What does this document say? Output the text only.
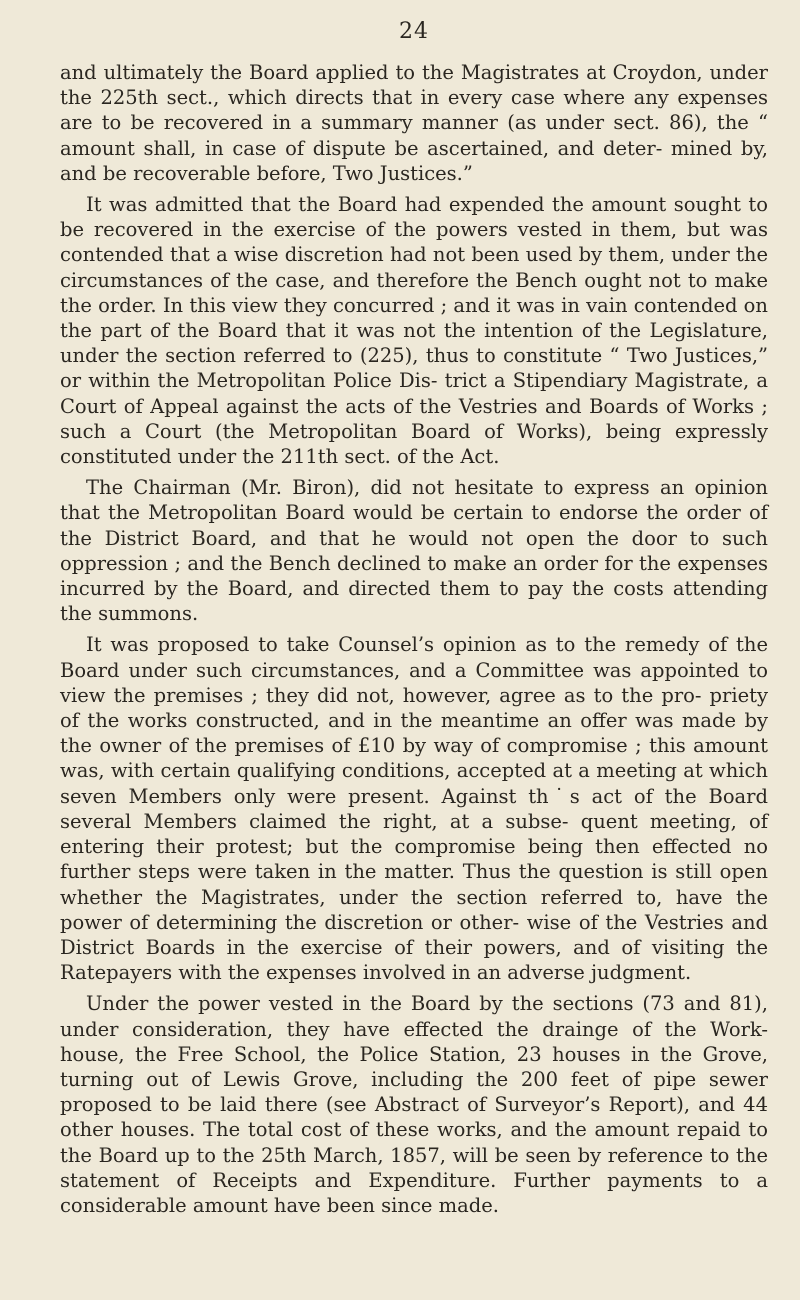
24

and ultimately the Board applied to the Magistrates at Croydon, under the 225th sect., which directs that in every case where any expenses are to be recovered in a summary manner (as under sect. 86), the “ amount shall, in case of dispute be ascertained, and deter- mined by, and be recoverable before, Two Justices.”

It was admitted that the Board had expended the amount sought to be recovered in the exercise of the powers vested in them, but was contended that a wise discretion had not been used by them, under the circumstances of the case, and therefore the Bench ought not to make the order. In this view they concurred ; and it was in vain contended on the part of the Board that it was not the intention of the Legislature, under the section referred to (225), thus to constitute “ Two Justices,” or within the Metropolitan Police Dis- trict a Stipendiary Magistrate, a Court of Appeal against the acts of the Vestries and Boards of Works ; such a Court (the Metropolitan Board of Works), being expressly constituted under the 211th sect. of the Act.

The Chairman (Mr. Biron), did not hesitate to express an opinion that the Metropolitan Board would be certain to endorse the order of the District Board, and that he would not open the door to such oppression ; and the Bench declined to make an order for the expenses incurred by the Board, and directed them to pay the costs attending the summons.

It was proposed to take Counsel’s opinion as to the remedy of the Board under such circumstances, and a Committee was appointed to view the premises ; they did not, however, agree as to the pro- priety of the works constructed, and in the meantime an offer was made by the owner of the premises of £10 by way of compromise ; this amount was, with certain qualifying conditions, accepted at a meeting at which seven Members only were present. Against th˙s act of the Board several Members claimed the right, at a subse- quent meeting, of entering their protest; but the compromise being then effected no further steps were taken in the matter. Thus the question is still open whether the Magistrates, under the section referred to, have the power of determining the discretion or other- wise of the Vestries and District Boards in the exercise of their powers, and of visiting the Ratepayers with the expenses involved in an adverse judgment.

Under the power vested in the Board by the sections (73 and 81), under consideration, they have effected the drainge of the Work- house, the Free School, the Police Station, 23 houses in the Grove, turning out of Lewis Grove, including the 200 feet of pipe sewer proposed to be laid there (see Abstract of Surveyor’s Report), and 44 other houses. The total cost of these works, and the amount repaid to the Board up to the 25th March, 1857, will be seen by reference to the statement of Receipts and Expenditure. Further payments to a considerable amount have been since made.
